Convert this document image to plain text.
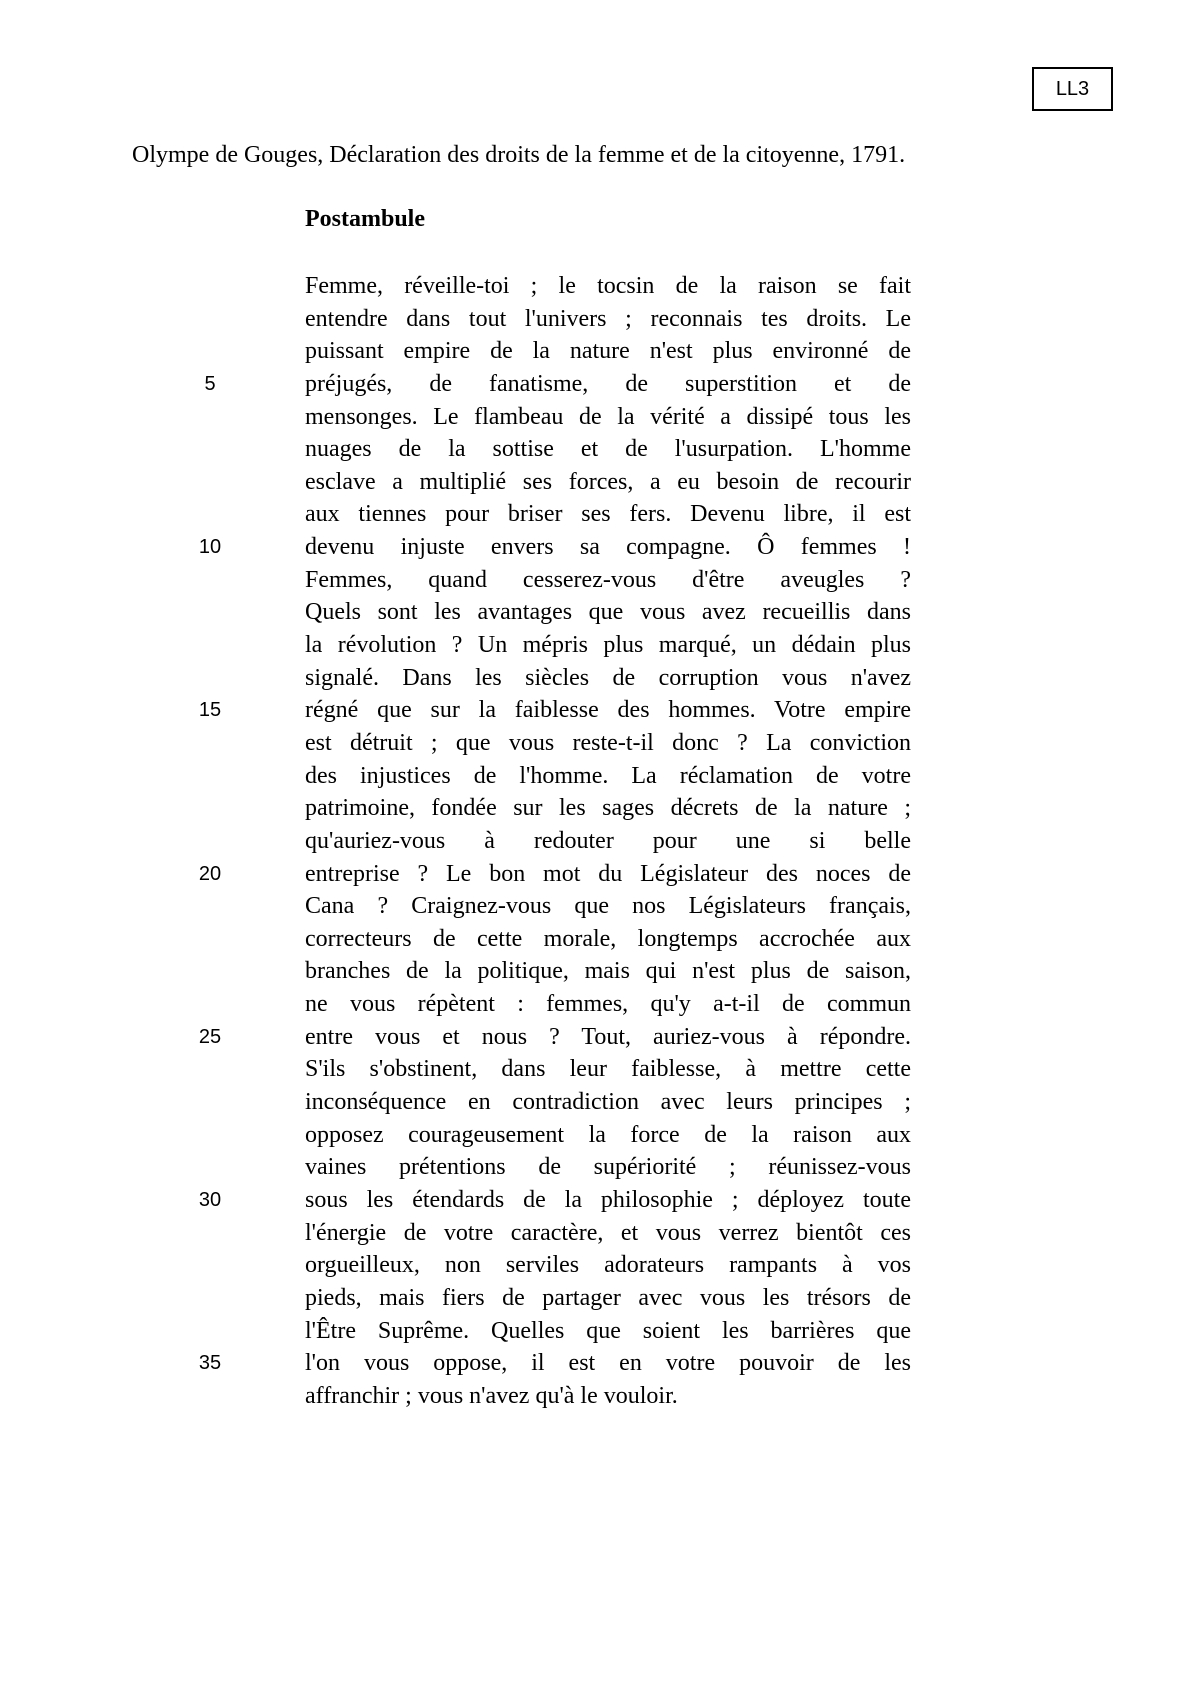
LL3
Olympe de Gouges, Déclaration des droits de la femme et de la citoyenne, 1791.
Postambule
Femme, réveille-toi ; le tocsin de la raison se fait
entendre dans tout l'univers ; reconnais tes droits. Le
puissant empire de la nature n'est plus environné de
5	préjugés, de fanatisme, de superstition et de
mensonges. Le flambeau de la vérité a dissipé tous les
nuages de la sottise et de l'usurpation. L'homme
esclave a multiplié ses forces, a eu besoin de recourir
aux tiennes pour briser ses fers. Devenu libre, il est
10	devenu injuste envers sa compagne. Ô femmes !
Femmes, quand cesserez-vous d'être aveugles ?
Quels sont les avantages que vous avez recueillis dans
la révolution ? Un mépris plus marqué, un dédain plus
signalé. Dans les siècles de corruption vous n'avez
15	régné que sur la faiblesse des hommes. Votre empire
est détruit ; que vous reste-t-il donc ? La conviction
des injustices de l'homme. La réclamation de votre
patrimoine, fondée sur les sages décrets de la nature ;
qu'auriez-vous à redouter pour une si belle
20	entreprise ? Le bon mot du Législateur des noces de
Cana ? Craignez-vous que nos Législateurs français,
correcteurs de cette morale, longtemps accrochée aux
branches de la politique, mais qui n'est plus de saison,
ne vous répètent : femmes, qu'y a-t-il de commun
25	entre vous et nous ? Tout, auriez-vous à répondre.
S'ils s'obstinent, dans leur faiblesse, à mettre cette
inconséquence en contradiction avec leurs principes ;
opposez courageusement la force de la raison aux
vaines prétentions de supériorité ; réunissez-vous
30	sous les étendards de la philosophie ; déployez toute
l'énergie de votre caractère, et vous verrez bientôt ces
orgueilleux, non serviles adorateurs rampants à vos
pieds, mais fiers de partager avec vous les trésors de
l'Être Suprême. Quelles que soient les barrières que
35	l'on vous oppose, il est en votre pouvoir de les
affranchir ; vous n'avez qu'à le vouloir.
